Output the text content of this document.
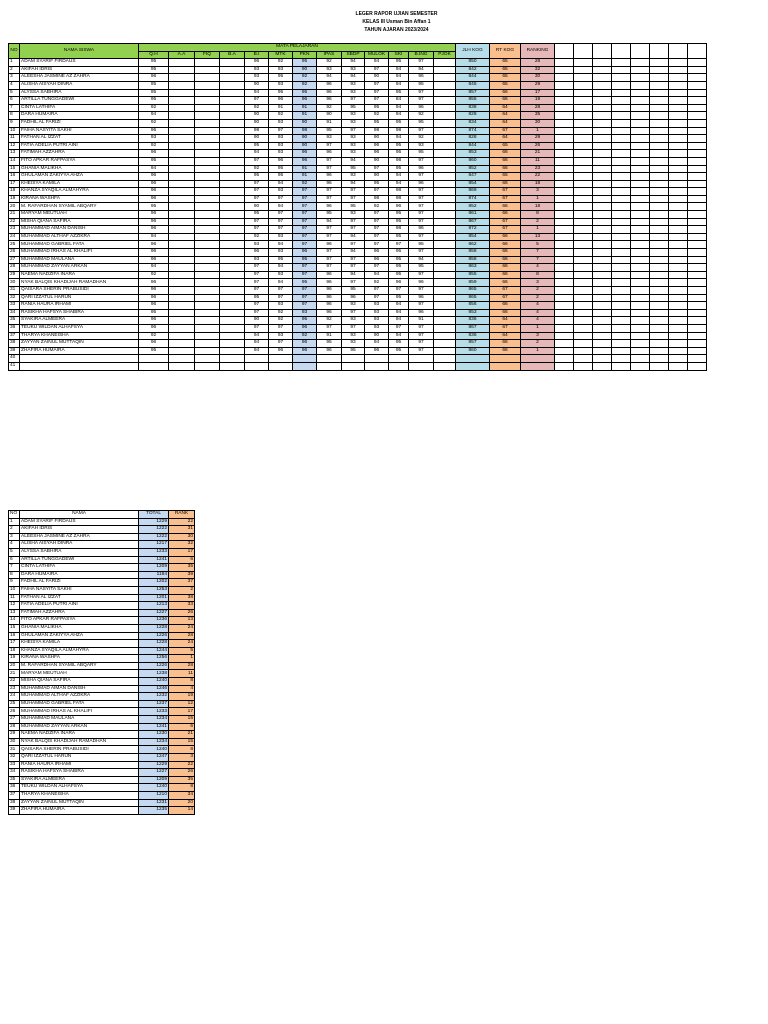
LEGER RAPOR UJIAN SEMESTER
KELAS III Usman Bin Affan 1
TAHUN AJARAN 2023/2024
NO	NAMA SISWA	MATA PELAJARAN													JLH KOG	RT KOG	RANKING								
		Q.H	A.A	FIQ	B.A	B.I	MTK	PKN	IPAS	SBDP	MULOK	SKI	B.ING	PJOK											
1	ADAM SYARIF FIRDAUS	95				96	92	95	92	94	94	95	97		850	65	28								
2	AKIFAH IDRIS	95				93	93	90	93	93	97	94	94		842	65	32								
3	ALEESHA JASMINE AZ ZAHRA	96				93	95	92	94	94	90	94	96		844	65	30								
4	ALISHA AISYAH DINRA	95				90	93	92	96	93	97	94	95		845	65	29								
5	ALYSSA SABHIRA	95				94	95	95	96	93	97	95	97		857	66	17								
6	ARTILLA TUNGGADEWI	95				97	96	96	96	97	97	84	97		855	66	19								
7	CINTA LATHIFA	92				92	91	91	92	95	95	94	96		838	64	28								
8	DARA HUMAIRA	94				90	92	91	90	93	92	94	92		828	64	35								
9	FADHIL AL FARIZI	92				90	93	90	91	93	95	95	95		834	64	30								
10	FAIHA NASYITA SAKHI	96				98	97	98	95	97	98	98	97		874	67	1								
11	FATHAN AL IZZAT	93				90	93	90	93	93	90	94	92		828	64	29								
12	FATIA ADELIA PUTRI AINI	92				95	93	90	97	93	96	95	93		844	65	26								
13	FATIMAH AZZAHRA	96				94	93	96	96	93	96	95	95		853	66	21								
14	FITO APKAR RAFPASYA	95				97	96	96	97	94	90	98	97		860	66	11								
15	GHANIA MALIKHA	94				92	95	91	97	95	97	95	96		852	66	23								
16	GHULAMAN ZAKIYYA AHZA	96				95	95	91	96	93	90	94	97		847	65	22								
17	KHEISYA KAMILA	96				97	94	92	96	94	95	94	96		854	66	18								
18	KHANZA SYAQILA ALMAHYRA	96				97	93	97	97	97	97	98	97		869	67	3								
19	KIRANA WASHFA	96				97	97	97	97	97	98	98	97		874	67	1								
20	M. RAFARDHAN SYAMIL ABQARY	95				90	94	97	96	95	92	96	97		852	66	18								
21	MARYAM MEUTUAH	96				95	97	97	95	93	97	95	97		861	66	8								
22	MISHA QIANA SAFIRA	96				97	97	97	94	97	97	95	97		867	67	2								
23	MUHAMMAD AIMAN DANISH	96				97	97	97	97	97	97	98	96		872	67	1								
24	MUHAMMAD ALTHAF AZZIKRA	94				92	93	97	97	94	97	95	97		854	66	13								
25	MUHAMMAD GABRIEL FATA	96				93	94	97	96	97	97	97	95		862	66	5								
26	MUHAMMAD IRHAS AL KHALIFI	96				96	93	96	97	94	96	95	97		858	66	7								
27	MUHAMMAD MAULANA	96				93	95	95	97	97	96	95	94		858	66	7								
28	MUHAMMAD ZAYYAN ARKAN	94				97	94	97	97	97	97	95	95		863	66	4								
29	NAEMA NADZIFA INARA	92				97	93	97	96	94	94	95	97		855	66	8								
30	NYAK BALQIS KHADIJAH RAMADHAN	96				97	94	95	96	97	92	96	96		859	66	3								
31	QAISARA SHERIN PRABUSIDI	96				97	97	97	96	95	97	97	97		865	67	2								
32	QARI IZZATUL HARUN	96				95	97	97	96	96	97	95	96		865	67	2								
33	RANIA HAURA IRHAMI	96				97	93	97	96	93	93	94	97		856	66	4								
34	RASIKHA HAFSYA SHABIRA	95				97	92	93	96	97	93	94	96		853	66	4								
35	SYAKIRA ALMEERA	96				90	92	95	92	93	93	94	91		836	64	4								
36	TEUKU WILDAN ALHAFSYA	96				97	97	96	97	97	93	97	97		867	67	1								
37	THARYA KHANEISHA	92				94	93	92	91	93	90	94	97		836	64	3								
38	ZAYYAN ZAINUL MUTTAQIN	96				94	97	96	95	93	94	95	97		857	66	2								
39	ZHAFIRA HUMAIRA	95				94	96	96	96	95	96	95	97		860	66	1								
40																									
41																									
NO	NAMA	TOTAL	RANK
1	ADAM SYARIF FIRDAUS	1229	22
2	AKIFAH IDRIS	1222	31
3	ALEESHA JASMINE AZ ZAHRA	1222	30
4	ALISHA AISYAH DINRA	1217	32
5	ALYSSA SABHIRA	1233	17
6	ARTILLA TUNGGADEWI	1241	6
7	CINTA LATHIFA	1209	35
8	DARA HUMAIRA	1194	39
9	FADHIL AL FARIZI	1202	37
10	FAIHA NASYITA SAKHI	1253	2
11	FATHAN AL IZZAT	1201	38
12	FATIA ADELIA PUTRI AINI	1213	33
13	FATIMAH AZZAHRA	1227	26
14	FITO APKAR RAFPASYA	1236	13
15	GHANIA MALIKHA	1228	24
16	GHULAMAN ZAKIYYA AHZA	1226	28
17	KHEISYA KAMILA	1228	24
18	KHANZA SYAQILA ALMAHYRA	1244	5
19	KIRANA WASHFA	1256	1
20	M. RAFARDHAN SYAMIL ABQARY	1226	28
21	MARYAM MEUTUAH	1238	11
22	MISHA QIANA SAFIRA	1240	8
23	MUHAMMAD AIMAN DANISH	1246	4
24	MUHAMMAD ALTHAF AZZIKRA	1232	19
25	MUHAMMAD GABRIEL FATA	1237	12
26	MUHAMMAD IRHAS AL KHALIFI	1233	17
27	MUHAMMAD MAULANA	1234	15
28	MUHAMMAD ZAYYAN ARKAN	1241	6
29	NAEMA NADZIFA INARA	1230	21
30	NYAK BALQIS KHADIJAH RAMADHAN	1234	15
31	QAISARA SHERIN PRABUSIDI	1240	8
32	QARI IZZATUL HARUN	1247	3
33	RANIA HAURA IRHAMI	1229	22
34	RASIKHA HAFSYA SHABIRA	1227	26
35	SYAKIRA ALMEERA	1209	35
36	TEUKU WILDAN ALHAFSYA	1240	8
37	THARYA KHANEISHA	1210	34
38	ZAYYAN ZAINUL MUTTAQIN	1231	20
39	ZHAFIRA HUMAIRA	1235	14
